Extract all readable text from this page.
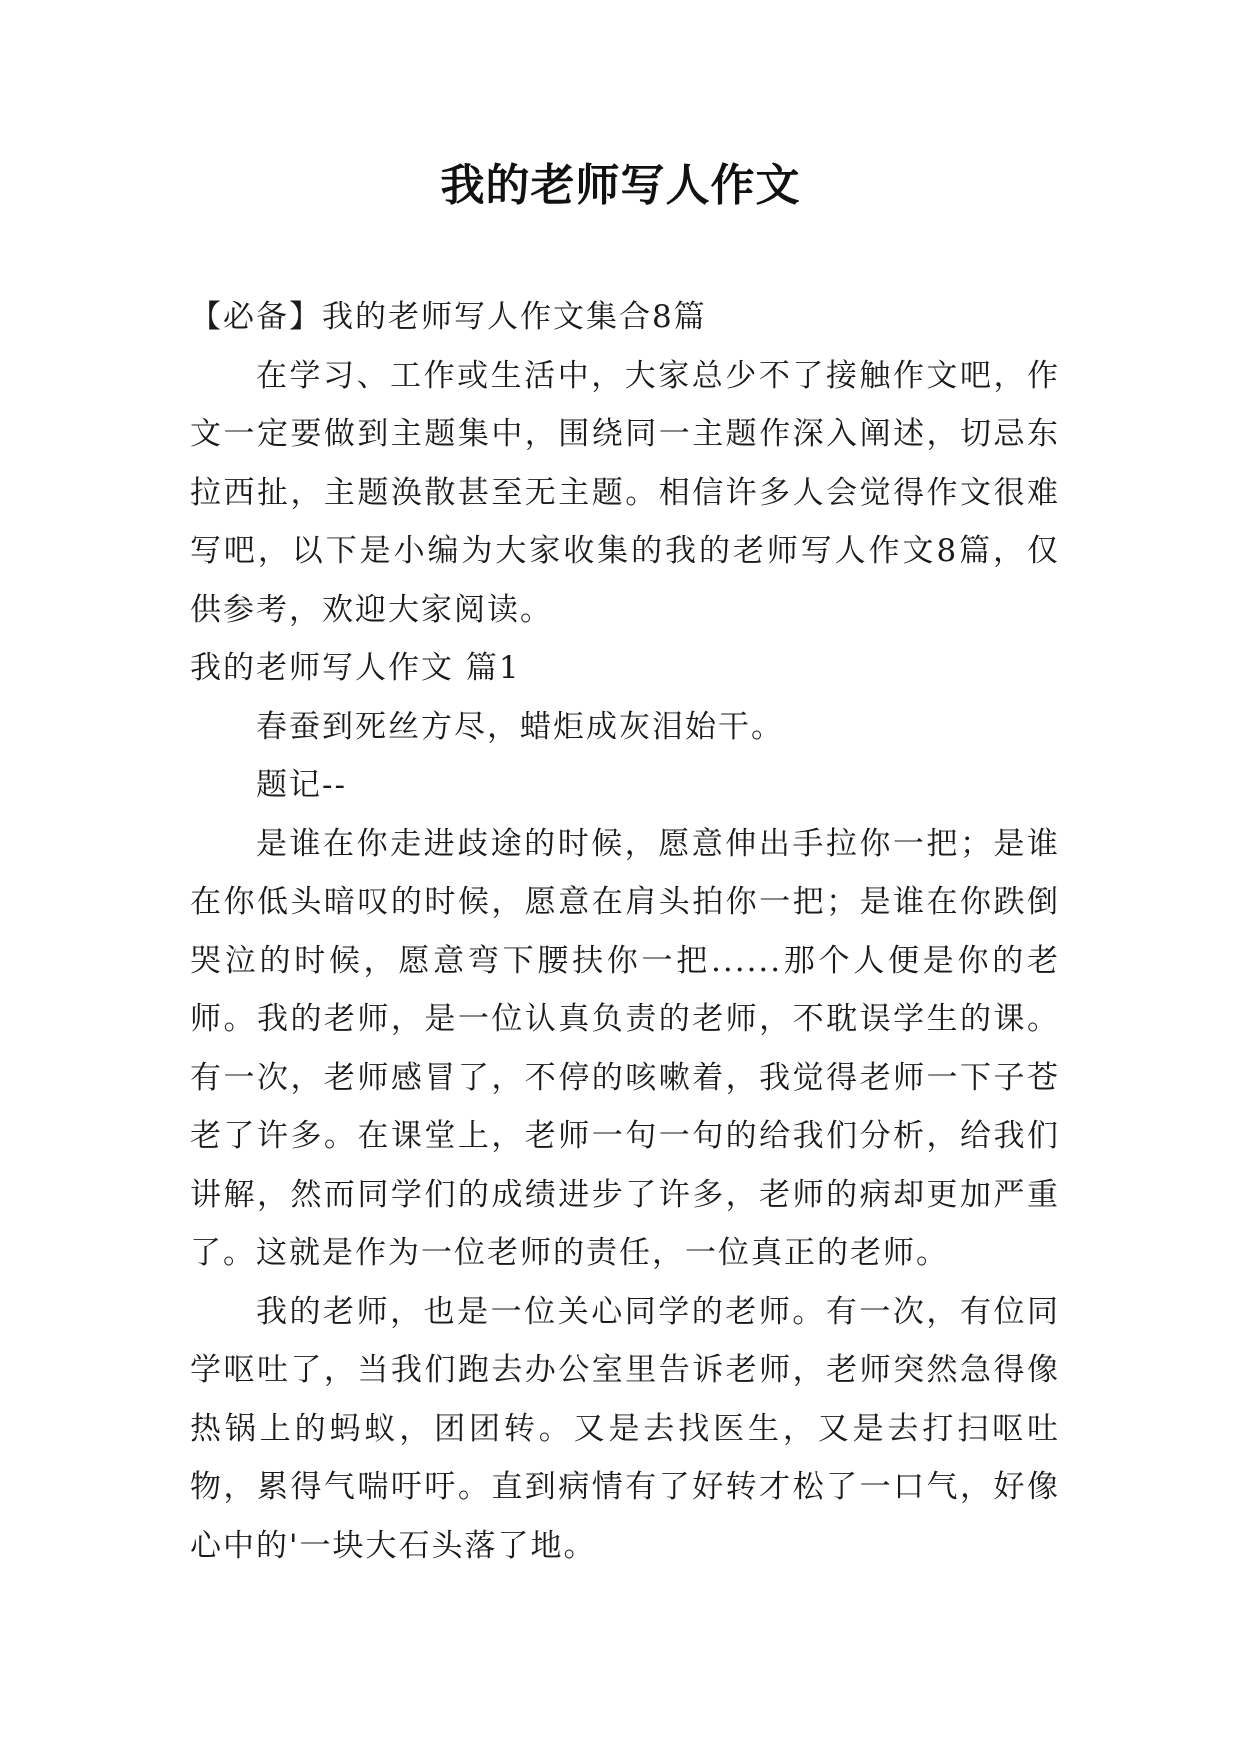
我的老师写人作文

【必备】我的老师写人作文集合8篇

在学习、工作或生活中，大家总少不了接触作文吧，作文一定要做到主题集中，围绕同一主题作深入阐述，切忌东拉西扯，主题涣散甚至无主题。相信许多人会觉得作文很难写吧，以下是小编为大家收集的我的老师写人作文8篇，仅供参考，欢迎大家阅读。

我的老师写人作文 篇1

春蚕到死丝方尽，蜡炬成灰泪始干。

题记--

是谁在你走进歧途的时候，愿意伸出手拉你一把；是谁在你低头暗叹的时候，愿意在肩头拍你一把；是谁在你跌倒哭泣的时候，愿意弯下腰扶你一把......那个人便是你的老师。我的老师，是一位认真负责的老师，不耽误学生的课。有一次，老师感冒了，不停的咳嗽着，我觉得老师一下子苍老了许多。在课堂上，老师一句一句的给我们分析，给我们讲解，然而同学们的成绩进步了许多，老师的病却更加严重了。这就是作为一位老师的责任，一位真正的老师。

我的老师，也是一位关心同学的老师。有一次，有位同学呕吐了，当我们跑去办公室里告诉老师，老师突然急得像热锅上的蚂蚁，团团转。又是去找医生，又是去打扫呕吐物，累得气喘吁吁。直到病情有了好转才松了一口气，好像心中的'一块大石头落了地。
